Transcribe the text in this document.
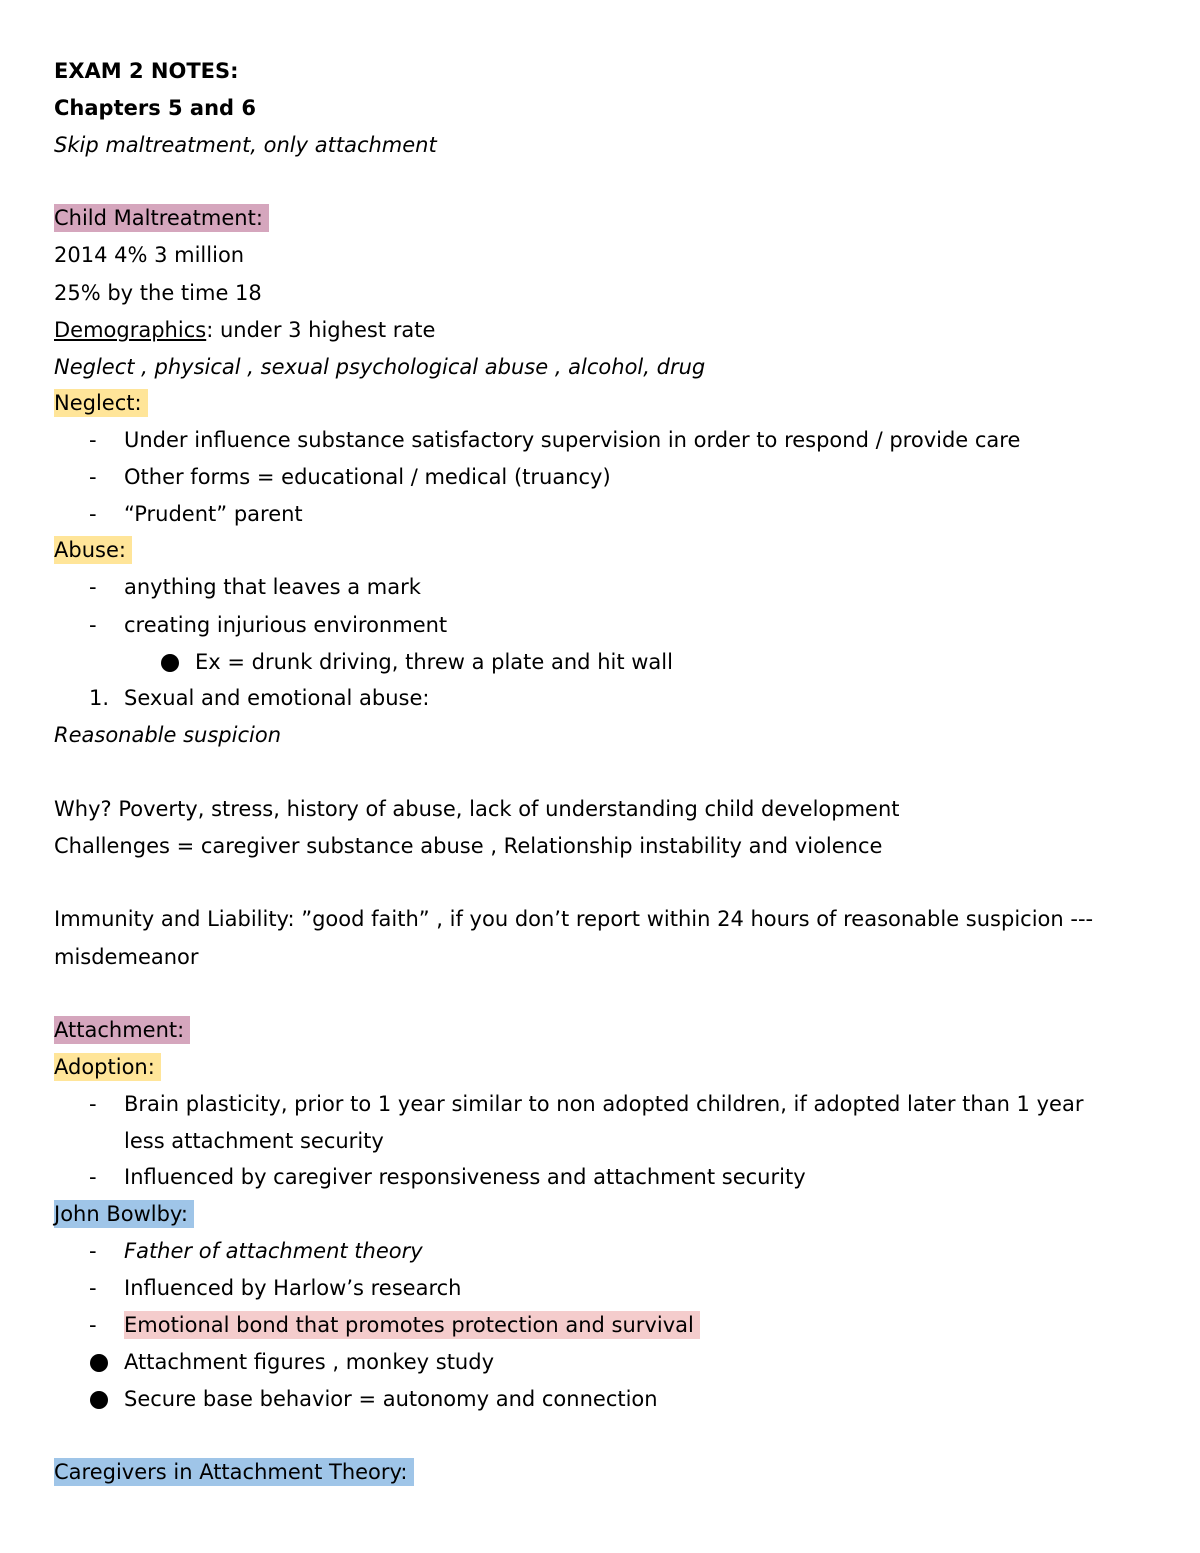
EXAM 2 NOTES:
Chapters 5 and 6
Skip maltreatment, only attachment
Child Maltreatment:
2014 4% 3 million
25% by the time 18
Demographics: under 3 highest rate
Neglect , physical , sexual psychological abuse , alcohol, drug
Neglect:
- Under influence substance satisfactory supervision in order to respond / provide care
- Other forms = educational / medical (truancy)
- “Prudent” parent
Abuse:
- anything that leaves a mark
- creating injurious environment
Ex = drunk driving, threw a plate and hit wall
1. Sexual and emotional abuse:
Reasonable suspicion
Why? Poverty, stress, history of abuse, lack of understanding child development
Challenges = caregiver substance abuse , Relationship instability and violence
Immunity and Liability: ”good faith” , if you don’t report within 24 hours of reasonable suspicion ---
misdemeanor
Attachment:
Adoption:
- Brain plasticity, prior to 1 year similar to non adopted children, if adopted later than 1 year
less attachment security
- Influenced by caregiver responsiveness and attachment security
John Bowlby:
- Father of attachment theory
- Influenced by Harlow’s research
- Emotional bond that promotes protection and survival
Attachment figures , monkey study
Secure base behavior = autonomy and connection
Caregivers in Attachment Theory:
